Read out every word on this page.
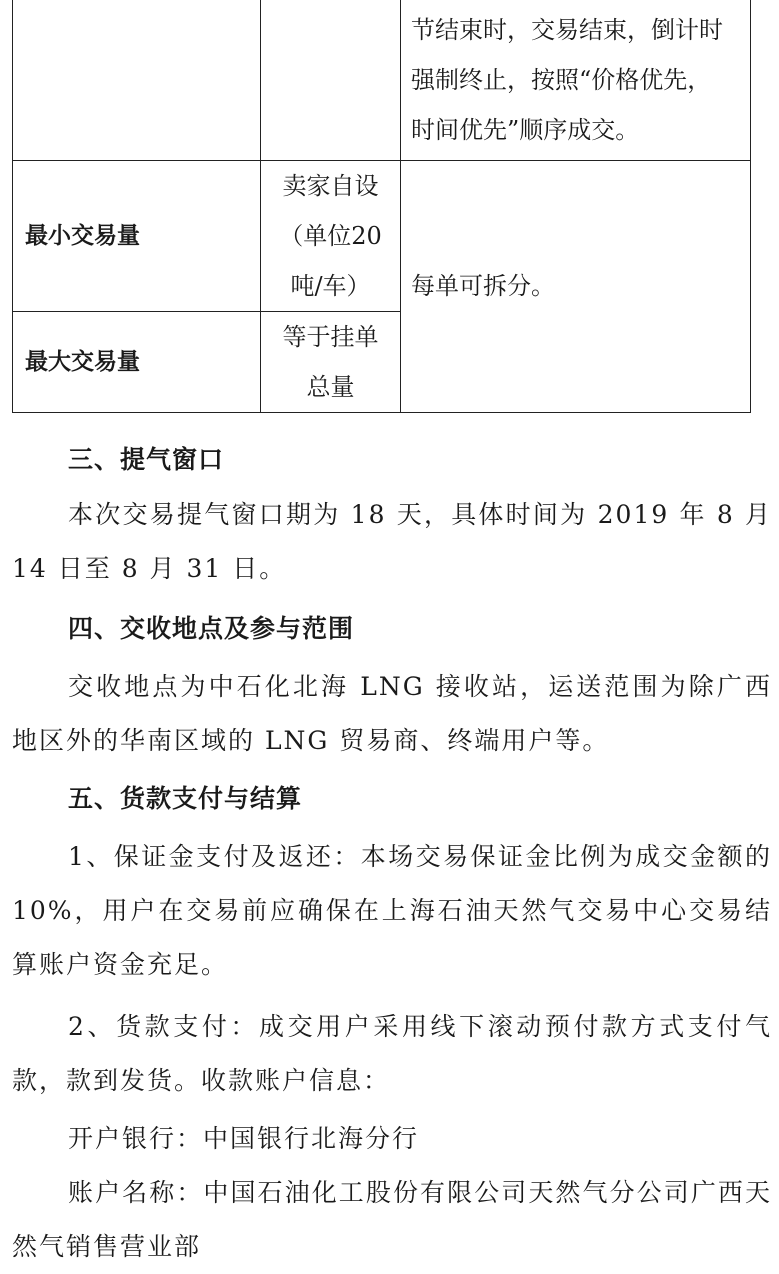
		节结束时，交易结束，倒计时
强制终止，按照“价格优先，
时间优先”顺序成交。

最小交易量	卖家自设
（单位20
吨/车）	每单可拆分。
最大交易量	等于挂单
总量	
三、提气窗口

本次交易提气窗口期为 18 天，具体时间为 2019 年 8 月 14 日至 8 月 31 日。

四、交收地点及参与范围

交收地点为中石化北海 LNG 接收站，运送范围为除广西地区外的华南区域的 LNG 贸易商、终端用户等。

五、货款支付与结算

1、保证金支付及返还：本场交易保证金比例为成交金额的 10%，用户在交易前应确保在上海石油天然气交易中心交易结算账户资金充足。

2、货款支付：成交用户采用线下滚动预付款方式支付气款，款到发货。收款账户信息：

开户银行：中国银行北海分行

账户名称：中国石油化工股份有限公司天然气分公司广西天然气销售营业部
